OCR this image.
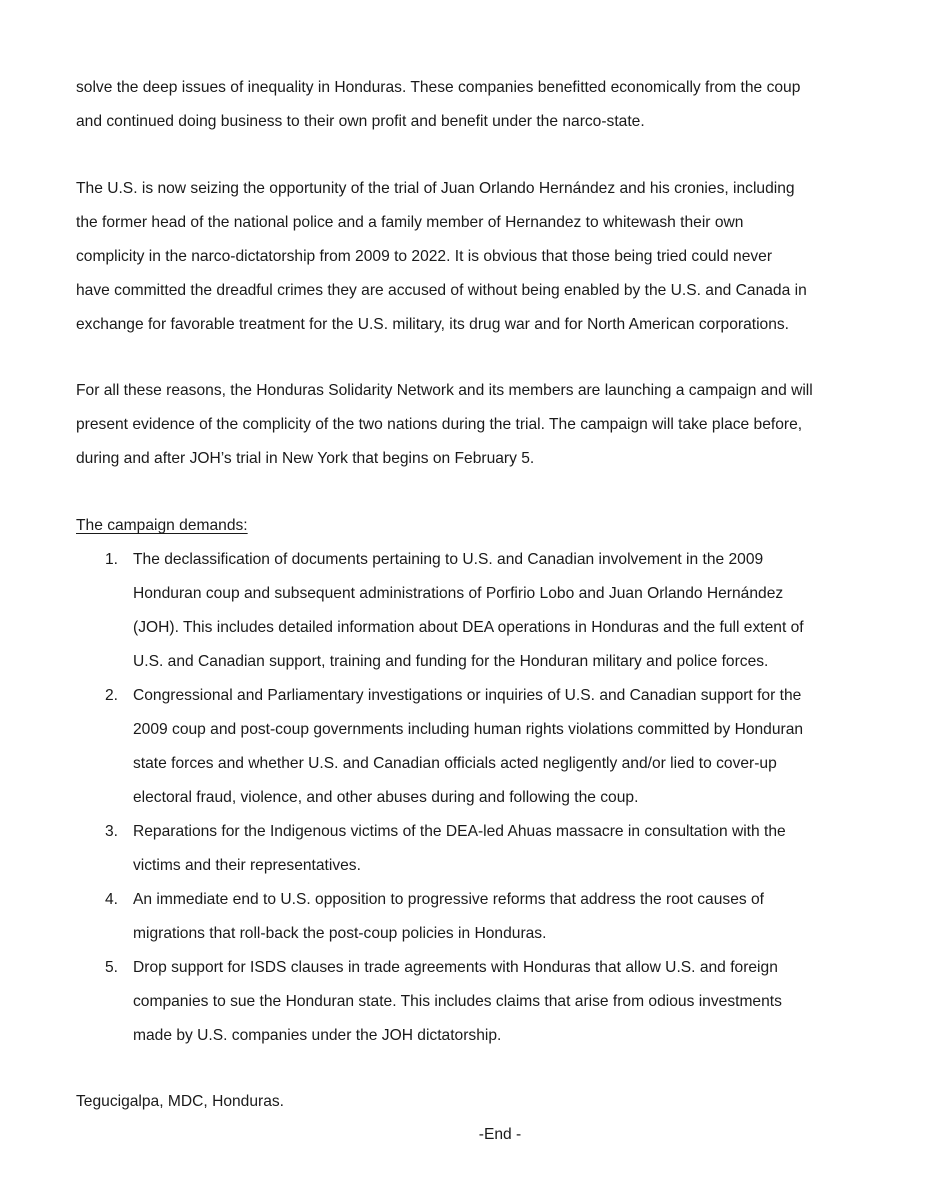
solve the deep issues of inequality in Honduras. These companies benefitted economically from the coup
and continued doing business to their own profit and benefit under the narco-state.

The U.S. is now seizing the opportunity of the trial of Juan Orlando Hernández and his cronies, including
the former head of the national police and a family member of Hernandez to whitewash their own
complicity in the narco-dictatorship from 2009 to 2022. It is obvious that those being tried could never
have committed the dreadful crimes they are accused of without being enabled by the U.S. and Canada in
exchange for favorable treatment for the U.S. military, its drug war and for North American corporations.

For all these reasons, the Honduras Solidarity Network and its members are launching a campaign and will
present evidence of the complicity of the two nations during the trial. The campaign will take place before,
during and after JOH’s trial in New York that begins on February 5.

The campaign demands:

1. The declassification of documents pertaining to U.S. and Canadian involvement in the 2009
Honduran coup and subsequent administrations of Porfirio Lobo and Juan Orlando Hernández
(JOH). This includes detailed information about DEA operations in Honduras and the full extent of
U.S. and Canadian support, training and funding for the Honduran military and police forces.
2. Congressional and Parliamentary investigations or inquiries of U.S. and Canadian support for the
2009 coup and post-coup governments including human rights violations committed by Honduran
state forces and whether U.S. and Canadian officials acted negligently and/or lied to cover-up
electoral fraud, violence, and other abuses during and following the coup.
3. Reparations for the Indigenous victims of the DEA-led Ahuas massacre in consultation with the
victims and their representatives.
4. An immediate end to U.S. opposition to progressive reforms that address the root causes of
migrations that roll-back the post-coup policies in Honduras.
5. Drop support for ISDS clauses in trade agreements with Honduras that allow U.S. and foreign
companies to sue the Honduran state. This includes claims that arise from odious investments
made by U.S. companies under the JOH dictatorship.

Tegucigalpa, MDC, Honduras.

-End -
